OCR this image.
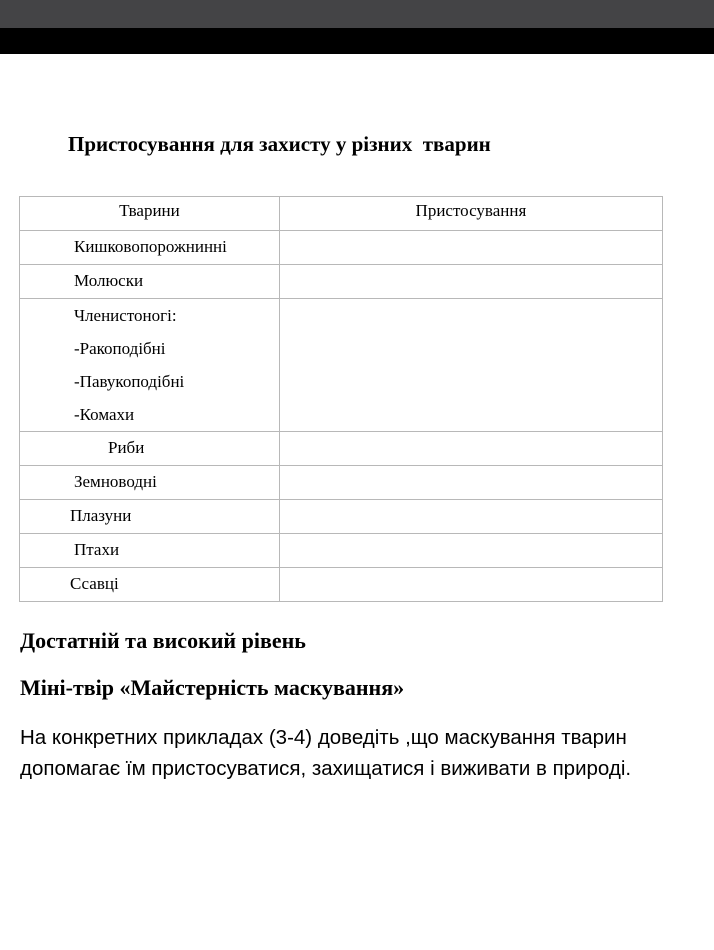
Пристосування для захисту у різних  тварин
Тварини	Пристосування

Кишковопорожнинні	

Молюски	

Членистоногі:
-Ракоподібні
-Павукоподібні
-Комахи	

Риби	

Земноводні	

Плазуни	

Птахи	

Ссавці	

Достатній та високий рівень
Міні-твір «Майстерність маскування»

На конкретних прикладах (3-4) доведіть ,що маскування тварин допомагає їм пристосуватися, захищатися і виживати в природі.
